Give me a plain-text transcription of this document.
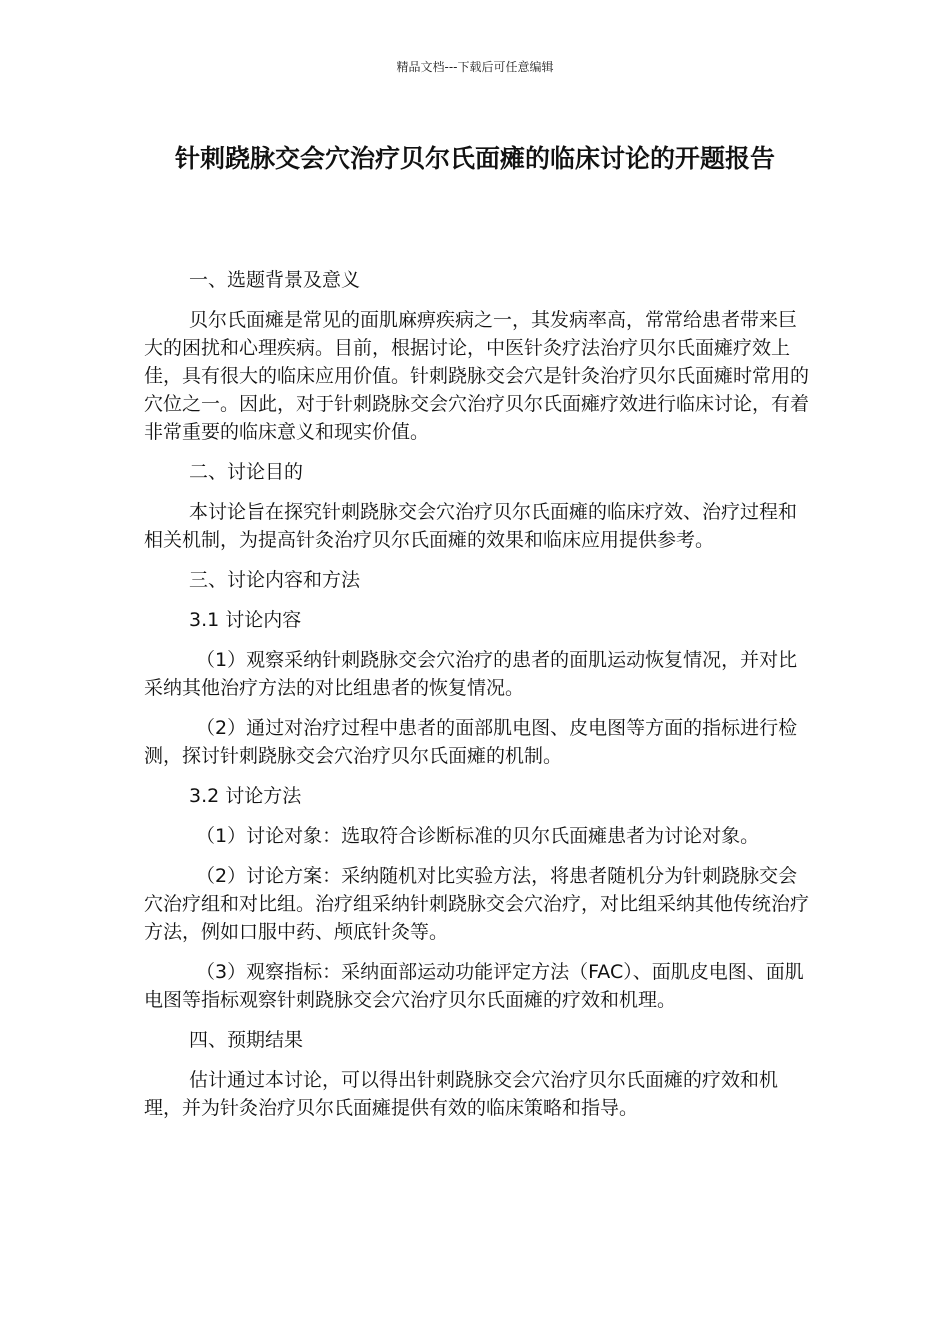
精品文档---下载后可任意编辑
针刺跷脉交会穴治疗贝尔氏面瘫的临床讨论的开题报告

一、选题背景及意义

贝尔氏面瘫是常见的面肌麻痹疾病之一，其发病率高，常常给患者带来巨大的困扰和心理疾病。目前，根据讨论，中医针灸疗法治疗贝尔氏面瘫疗效上佳，具有很大的临床应用价值。针刺跷脉交会穴是针灸治疗贝尔氏面瘫时常用的穴位之一。因此，对于针刺跷脉交会穴治疗贝尔氏面瘫疗效进行临床讨论，有着非常重要的临床意义和现实价值。

二、讨论目的

本讨论旨在探究针刺跷脉交会穴治疗贝尔氏面瘫的临床疗效、治疗过程和相关机制，为提高针灸治疗贝尔氏面瘫的效果和临床应用提供参考。

三、讨论内容和方法

3.1 讨论内容

（1）观察采纳针刺跷脉交会穴治疗的患者的面肌运动恢复情况，并对比采纳其他治疗方法的对比组患者的恢复情况。

（2）通过对治疗过程中患者的面部肌电图、皮电图等方面的指标进行检测，探讨针刺跷脉交会穴治疗贝尔氏面瘫的机制。

3.2 讨论方法

（1）讨论对象：选取符合诊断标准的贝尔氏面瘫患者为讨论对象。

（2）讨论方案：采纳随机对比实验方法，将患者随机分为针刺跷脉交会穴治疗组和对比组。治疗组采纳针刺跷脉交会穴治疗，对比组采纳其他传统治疗方法，例如口服中药、颅底针灸等。

（3）观察指标：采纳面部运动功能评定方法（FAC）、面肌皮电图、面肌电图等指标观察针刺跷脉交会穴治疗贝尔氏面瘫的疗效和机理。

四、预期结果

估计通过本讨论，可以得出针刺跷脉交会穴治疗贝尔氏面瘫的疗效和机理，并为针灸治疗贝尔氏面瘫提供有效的临床策略和指导。
